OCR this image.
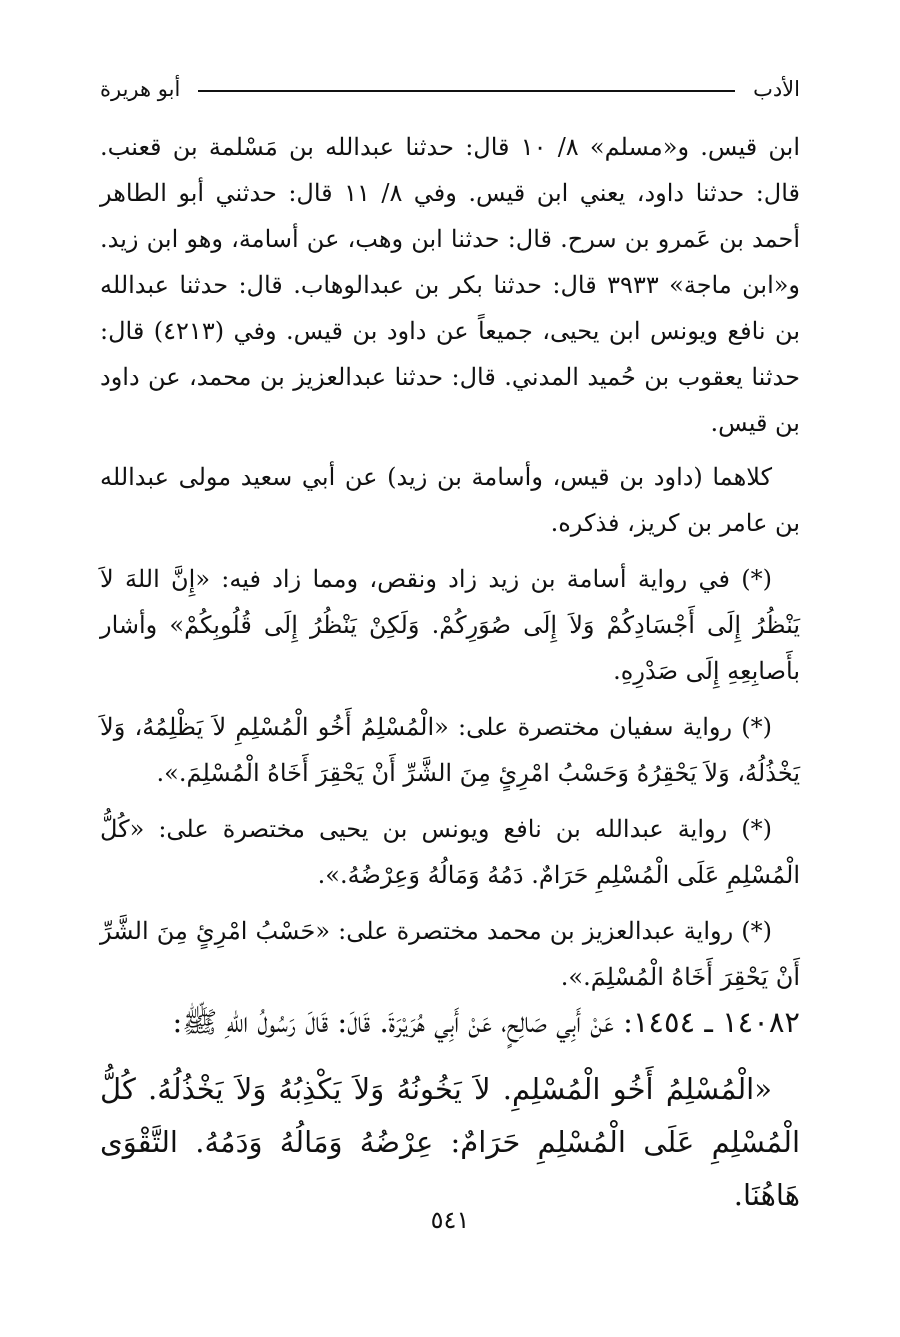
الأدب
أبو هريرة

ابن قيس. و«مسلم» ٨/ ١٠ قال: حدثنا عبدالله بن مَسْلمة بن قعنب. قال: حدثنا داود، يعني ابن قيس. وفي ٨/ ١١ قال: حدثني أبو الطاهر أحمد بن عَمرو بن سرح. قال: حدثنا ابن وهب، عن أسامة، وهو ابن زيد. و«ابن ماجة» ٣٩٣٣ قال: حدثنا بكر بن عبدالوهاب. قال: حدثنا عبدالله بن نافع ويونس ابن يحيى، جميعاً عن داود بن قيس. وفي (٤٢١٣) قال: حدثنا يعقوب بن حُميد المدني. قال: حدثنا عبدالعزيز بن محمد، عن داود بن قيس.

كلاهما (داود بن قيس، وأسامة بن زيد) عن أبي سعيد مولى عبدالله بن عامر بن كريز، فذكره.

(*) في رواية أسامة بن زيد زاد ونقص، ومما زاد فيه: «إِنَّ اللهَ لاَ يَنْظُرُ إِلَى أَجْسَادِكُمْ وَلاَ إِلَى صُوَرِكُمْ. وَلَكِنْ يَنْظُرُ إِلَى قُلُوبِكُمْ» وأشار بأَصابِعِهِ إِلَى صَدْرِهِ.

(*) رواية سفيان مختصرة على: «الْمُسْلِمُ أَخُو الْمُسْلِمِ لاَ يَظْلِمُهُ، وَلاَ يَخْذُلُهُ، وَلاَ يَحْقِرُهُ وَحَسْبُ امْرِئٍ مِنَ الشَّرِّ أَنْ يَحْقِرَ أَخَاهُ الْمُسْلِمَ.».

(*) رواية عبدالله بن نافع ويونس بن يحيى مختصرة على: «كُلُّ الْمُسْلِمِ عَلَى الْمُسْلِمِ حَرَامٌ. دَمُهُ وَمَالُهُ وَعِرْضُهُ.».

(*) رواية عبدالعزيز بن محمد مختصرة على: «حَسْبُ امْرِئٍ مِنَ الشَّرِّ أَنْ يَحْقِرَ أَخَاهُ الْمُسْلِمَ.».

١٤٠٨٢ ـ ١٤٥٤: عَنْ أَبِي صَالِحٍ، عَنْ أَبِي هُرَيْرَةَ. قَالَ: قَالَ رَسُولُ اللهِ ﷺ:

«الْمُسْلِمُ أَخُو الْمُسْلِمِ. لاَ يَخُونُهُ وَلاَ يَكْذِبُهُ وَلاَ يَخْذُلُهُ. كُلُّ الْمُسْلِمِ عَلَى الْمُسْلِمِ حَرَامٌ: عِرْضُهُ وَمَالُهُ وَدَمُهُ. التَّقْوَى هَاهُنَا.

٥٤١
